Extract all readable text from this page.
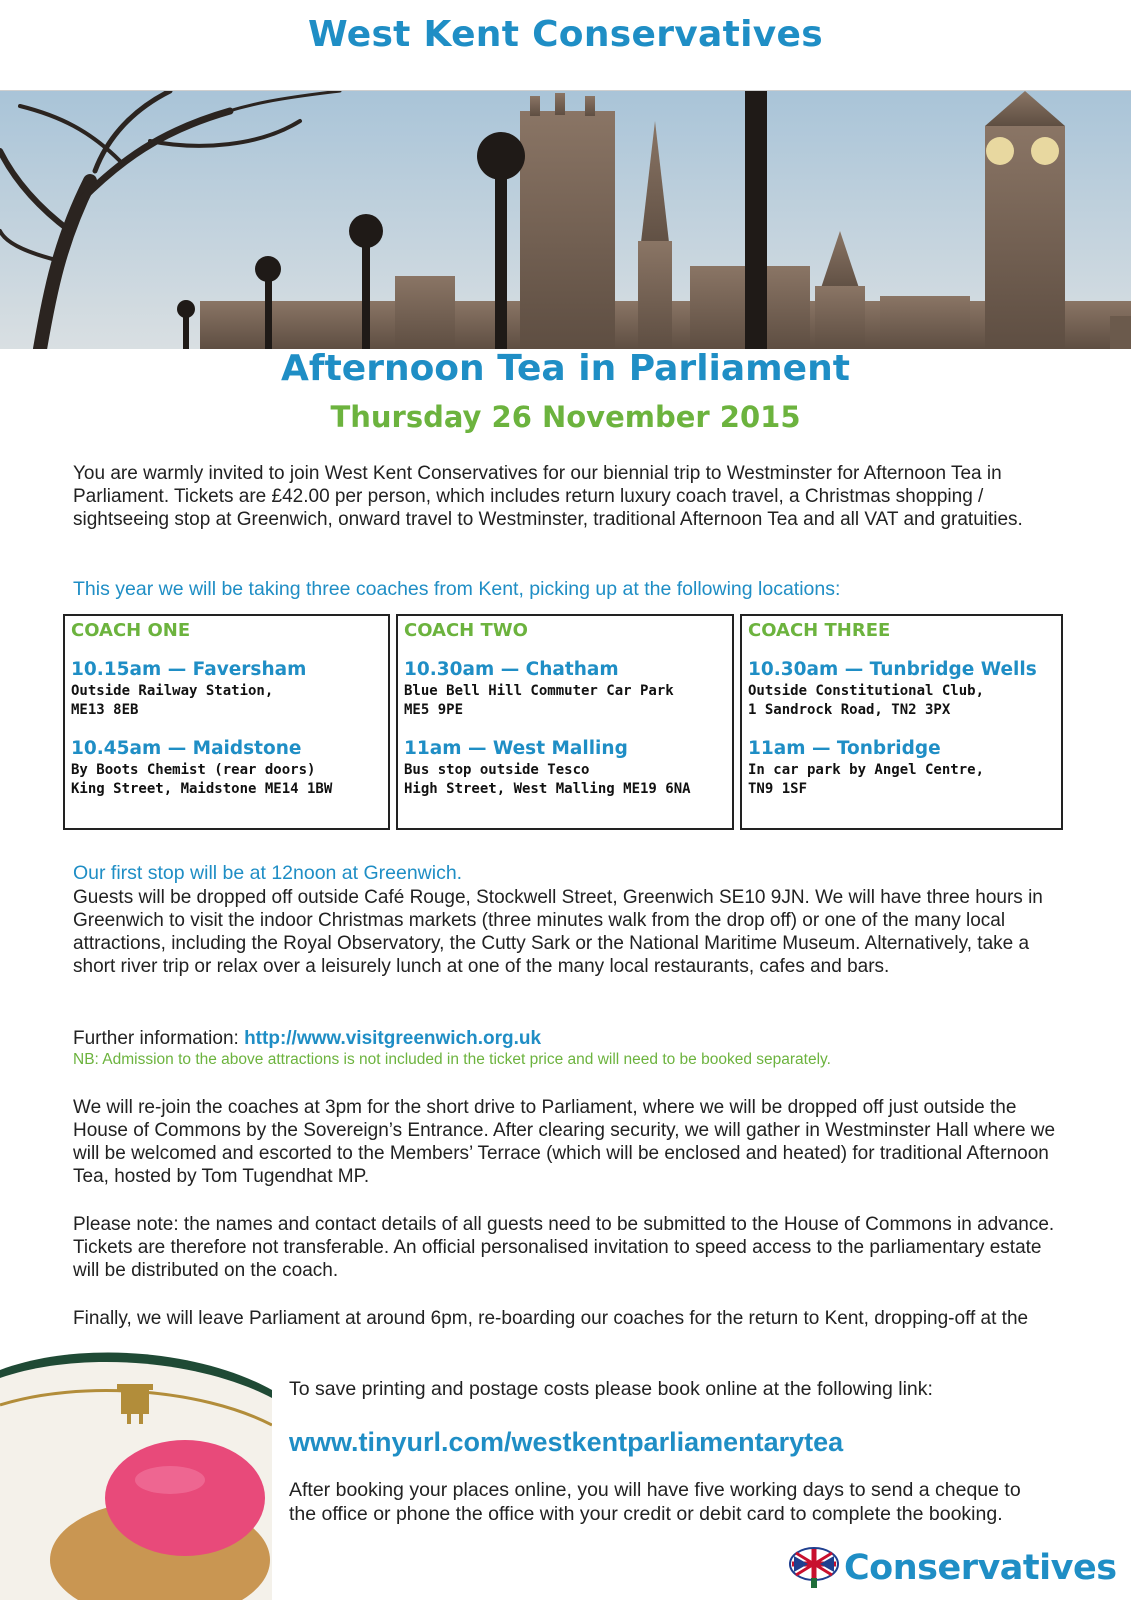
West Kent Conservatives
Afternoon Tea in Parliament
Thursday 26 November 2015
You are warmly invited to join West Kent Conservatives for our biennial trip to Westminster for Afternoon Tea in Parliament. Tickets are £42.00 per person, which includes return luxury coach travel, a Christmas shopping / sightseeing stop at Greenwich, onward travel to Westminster, traditional Afternoon Tea and all VAT and gratuities.
This year we will be taking three coaches from Kent, picking up at the following locations:
COACH ONE
10.15am — Faversham
Outside Railway Station,
ME13 8EB
10.45am — Maidstone
By Boots Chemist (rear doors)
King Street, Maidstone ME14 1BW
COACH TWO
10.30am — Chatham
Blue Bell Hill Commuter Car Park
ME5 9PE
11am — West Malling
Bus stop outside Tesco
High Street, West Malling ME19 6NA
COACH THREE
10.30am — Tunbridge Wells
Outside Constitutional Club,
1 Sandrock Road, TN2 3PX
11am — Tonbridge
In car park by Angel Centre,
TN9 1SF
Our first stop will be at 12noon at Greenwich.
Guests will be dropped off outside Café Rouge, Stockwell Street, Greenwich SE10 9JN. We will have three hours in Greenwich to visit the indoor Christmas markets (three minutes walk from the drop off) or one of the many local attractions, including the Royal Observatory, the Cutty Sark or the National Maritime Museum. Alternatively, take a short river trip or relax over a leisurely lunch at one of the many local restaurants, cafes and bars.
Further information: http://www.visitgreenwich.org.uk
NB: Admission to the above attractions is not included in the ticket price and will need to be booked separately.
We will re-join the coaches at 3pm for the short drive to Parliament, where we will be dropped off just outside the House of Commons by the Sovereign’s Entrance. After clearing security, we will gather in Westminster Hall where we will be welcomed and escorted to the Members’ Terrace (which will be enclosed and heated) for traditional Afternoon Tea, hosted by Tom Tugendhat MP.
Please note: the names and contact details of all guests need to be submitted to the House of Commons in advance. Tickets are therefore not transferable. An official personalised invitation to speed access to the parliamentary estate will be distributed on the coach.
Finally, we will leave Parliament at around 6pm, re-boarding our coaches for the return to Kent, dropping-off at the
To save printing and postage costs please book online at the following link:
www.tinyurl.com/westkentparliamentarytea
After booking your places online, you will have five working days to send a cheque to the office or phone the office with your credit or debit card to complete the booking.
Conservatives
